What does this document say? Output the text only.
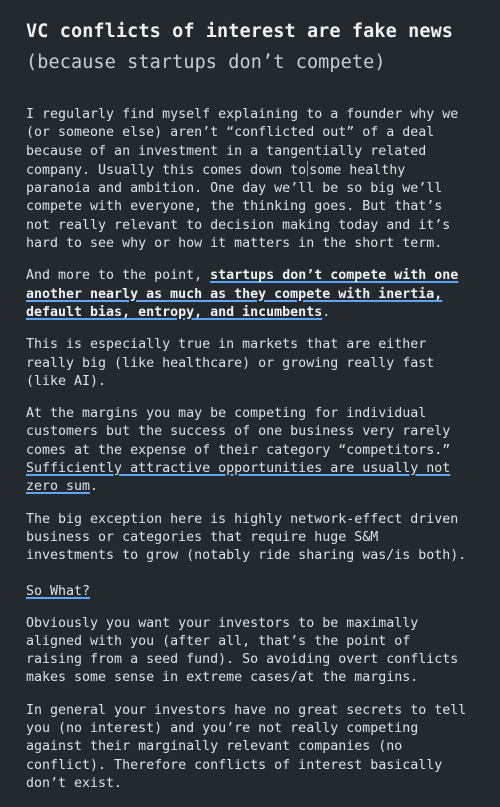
VC conflicts of interest are fake news (because startups don’t compete)

I regularly find myself explaining to a founder why we (or someone else) aren’t “conflicted out” of a deal because of an investment in a tangentially related company. Usually this comes down to some healthy paranoia and ambition. One day we’ll be so big we’ll compete with everyone, the thinking goes. But that’s not really relevant to decision making today and it’s hard to see why or how it matters in the short term.

And more to the point, startups don’t compete with one another nearly as much as they compete with inertia, default bias, entropy, and incumbents.

This is especially true in markets that are either really big (like healthcare) or growing really fast (like AI).

At the margins you may be competing for individual customers but the success of one business very rarely comes at the expense of their category “competitors.” Sufficiently attractive opportunities are usually not zero sum.

The big exception here is highly network-effect driven business or categories that require huge S&M investments to grow (notably ride sharing was/is both).

So What?

Obviously you want your investors to be maximally aligned with you (after all, that’s the point of raising from a seed fund). So avoiding overt conflicts makes some sense in extreme cases/at the margins.

In general your investors have no great secrets to tell you (no interest) and you’re not really competing against their marginally relevant companies (no conflict). Therefore conflicts of interest basically don’t exist.
